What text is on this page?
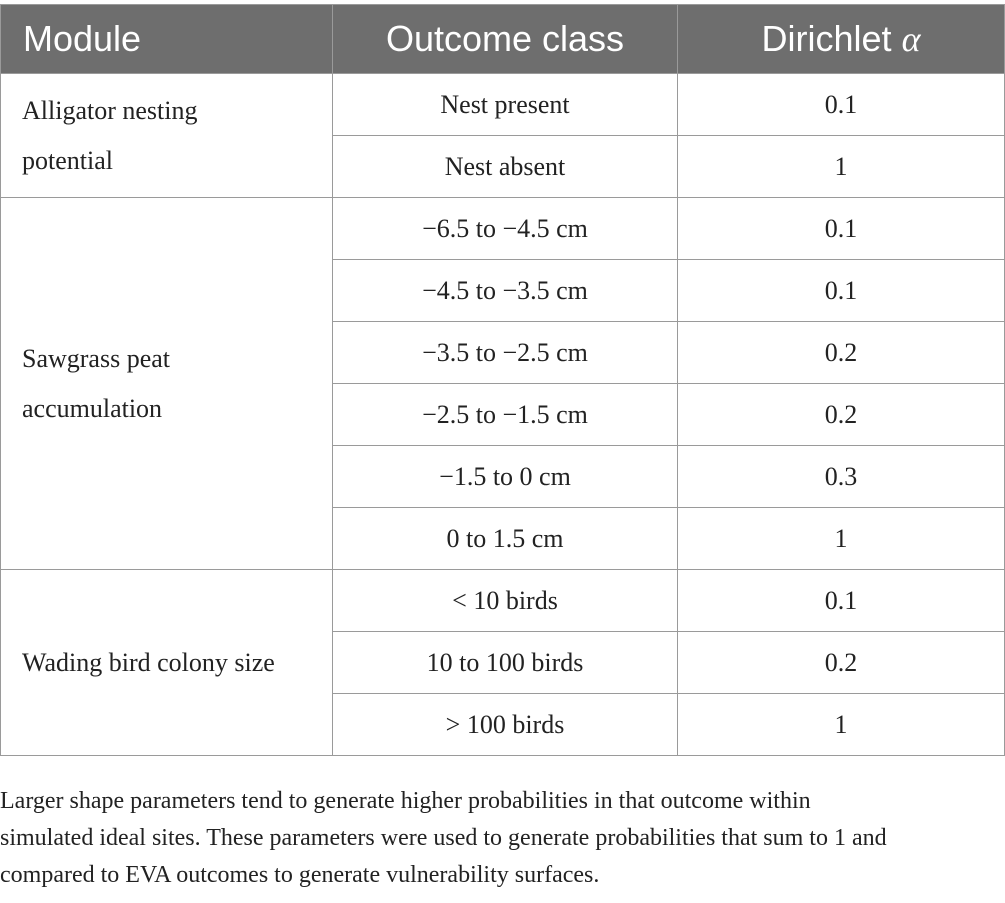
Module	Outcome class	Dirichlet α

Alligator nesting
potential	Nest present	0.1
	Nest absent	1

Sawgrass peat
accumulation	−6.5 to −4.5 cm	0.1
	−4.5 to −3.5 cm	0.1
	−3.5 to −2.5 cm	0.2
	−2.5 to −1.5 cm	0.2
	−1.5 to 0 cm	0.3
	0 to 1.5 cm	1
Wading bird colony size	< 10 birds	0.1
	10 to 100 birds	0.2
	> 100 birds	1
Larger shape parameters tend to generate higher probabilities in that outcome within
simulated ideal sites. These parameters were used to generate probabilities that sum to 1 and
compared to EVA outcomes to generate vulnerability surfaces.
